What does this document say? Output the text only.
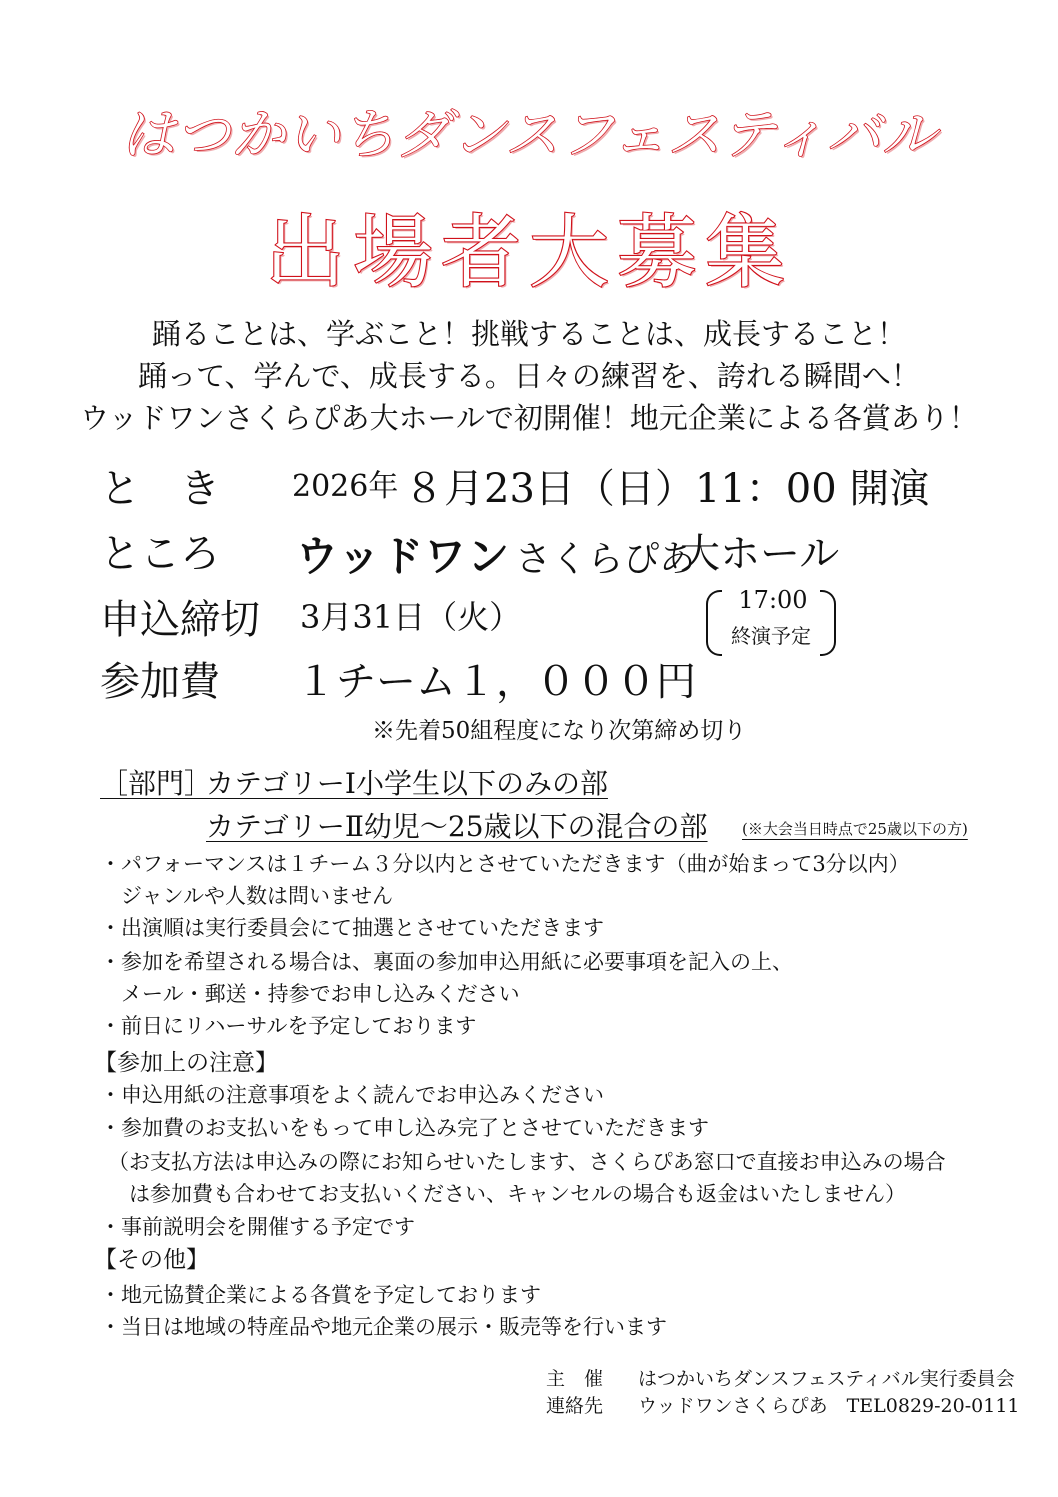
はつかいちダンスフェスティバル
出場者大募集
踊ることは、学ぶこと！挑戦することは、成長すること！
踊って、学んで、成長する。日々の練習を、誇れる瞬間へ！
ウッドワンさくらぴあ大ホールで初開催！地元企業による各賞あり！
と　き 2026年 ８月23日（日）11：00 開演
ところ ウッドワン さくらぴあ
大ホール
申込締切 3月31日（火）	17:00
終演予定
参加費 １チーム１，０００円
※先着50組程度になり次第締め切り
［部門］
カテゴリーⅠ小学生以下のみの部
カテゴリーⅡ幼児～25歳以下の混合の部 (※大会当日時点で25歳以下の方)
・パフォーマンスは１チーム３分以内とさせていただきます（曲が始まって3分以内）
　ジャンルや人数は問いません
・出演順は実行委員会にて抽選とさせていただきます
・参加を希望される場合は、裏面の参加申込用紙に必要事項を記入の上、
　メール・郵送・持参でお申し込みください
・前日にリハーサルを予定しております
【参加上の注意】
・申込用紙の注意事項をよく読んでお申込みください
・参加費のお支払いをもって申し込み完了とさせていただきます
（お支払方法は申込みの際にお知らせいたします、さくらぴあ窓口で直接お申込みの場合
　は参加費も合わせてお支払いください、キャンセルの場合も返金はいたしません）
・事前説明会を開催する予定です
【その他】
・地元協賛企業による各賞を予定しております
・当日は地域の特産品や地元企業の展示・販売等を行います
主　催 はつかいちダンスフェスティバル実行委員会
連絡先 ウッドワンさくらぴあ　TEL0829-20-0111
